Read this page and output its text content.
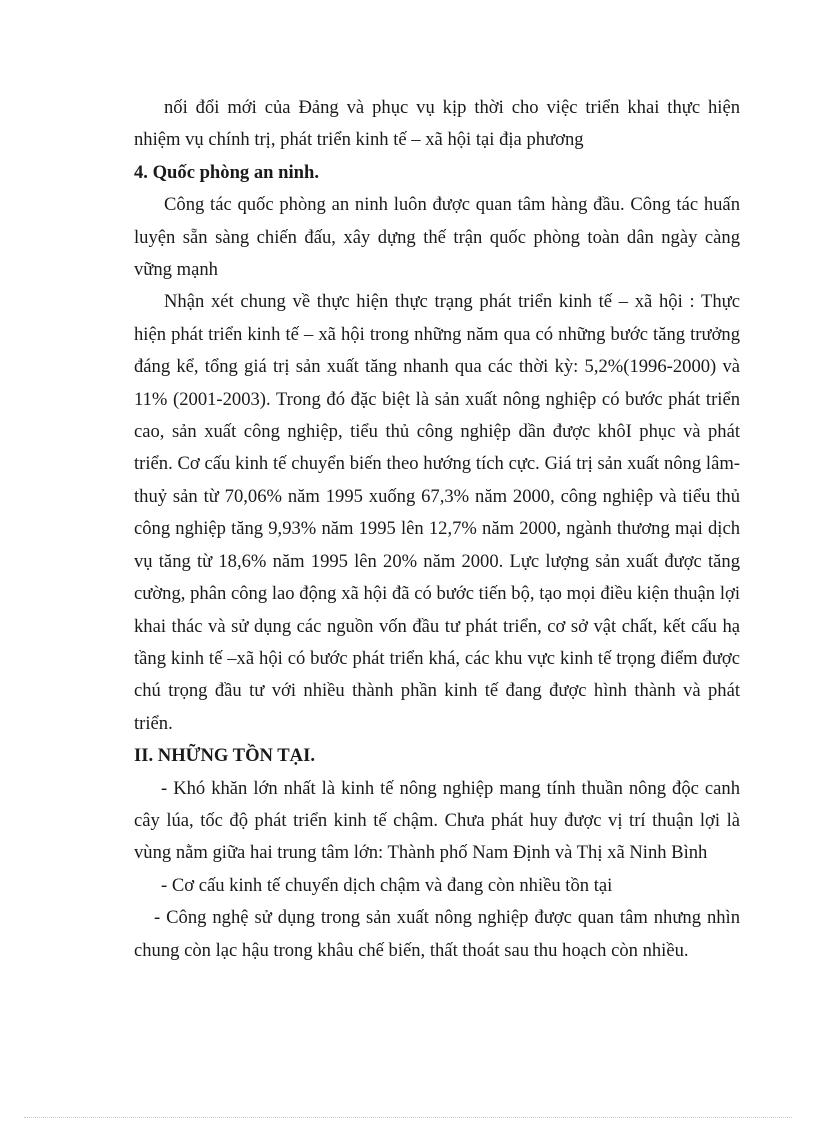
nối đổi mới của Đảng và phục vụ kịp thời cho việc triển khai thực hiện nhiệm vụ chính trị, phát triển kinh tế – xã hội tại địa phương

4. Quốc phòng an ninh.

Công tác quốc phòng an ninh luôn được quan tâm hàng đầu. Công tác huấn luyện sẵn sàng chiến đấu, xây dựng thế trận quốc phòng toàn dân ngày càng vững mạnh

Nhận xét chung về thực hiện thực trạng phát triển kinh tế – xã hội : Thực hiện phát triển kinh tế – xã hội trong những năm qua có những bước tăng trưởng đáng kể, tổng giá trị sản xuất tăng nhanh qua các thời kỳ: 5,2%(1996-2000) và 11% (2001-2003). Trong đó đặc biệt là sản xuất nông nghiệp có bước phát triển cao, sản xuất công nghiệp, tiểu thủ công nghiệp dần được khôI phục và phát triển. Cơ cấu kinh tế chuyển biến theo hướng tích cực. Giá trị sản xuất nông lâm- thuỷ sản từ 70,06% năm 1995 xuống 67,3% năm 2000, công nghiệp và tiểu thủ công nghiệp tăng 9,93% năm 1995 lên 12,7% năm 2000, ngành thương mại dịch vụ tăng từ 18,6% năm 1995 lên 20% năm 2000. Lực lượng sản xuất được tăng cường, phân công lao động xã hội đã có bước tiến bộ, tạo mọi điều kiện thuận lợi khai thác và sử dụng các nguồn vốn đầu tư phát triển, cơ sở vật chất, kết cấu hạ tầng kinh tế –xã hội có bước phát triển khá, các khu vực kinh tế trọng điểm được chú trọng đầu tư với nhiều thành phần kinh tế đang được hình thành và phát triển.

II. NHỮNG TỒN TẠI.

- Khó khăn lớn nhất là kinh tế nông nghiệp mang tính thuần nông độc canh cây lúa, tốc độ phát triển kinh tế chậm. Chưa phát huy được vị trí thuận lợi là vùng nằm giữa hai trung tâm lớn: Thành phố Nam Định và Thị xã Ninh Bình

- Cơ cấu kinh tế chuyển dịch chậm và đang còn nhiều tồn tại

- Công nghệ sử dụng trong sản xuất nông nghiệp được quan tâm nhưng nhìn chung còn lạc hậu trong khâu chế biến, thất thoát sau thu hoạch còn nhiều.
